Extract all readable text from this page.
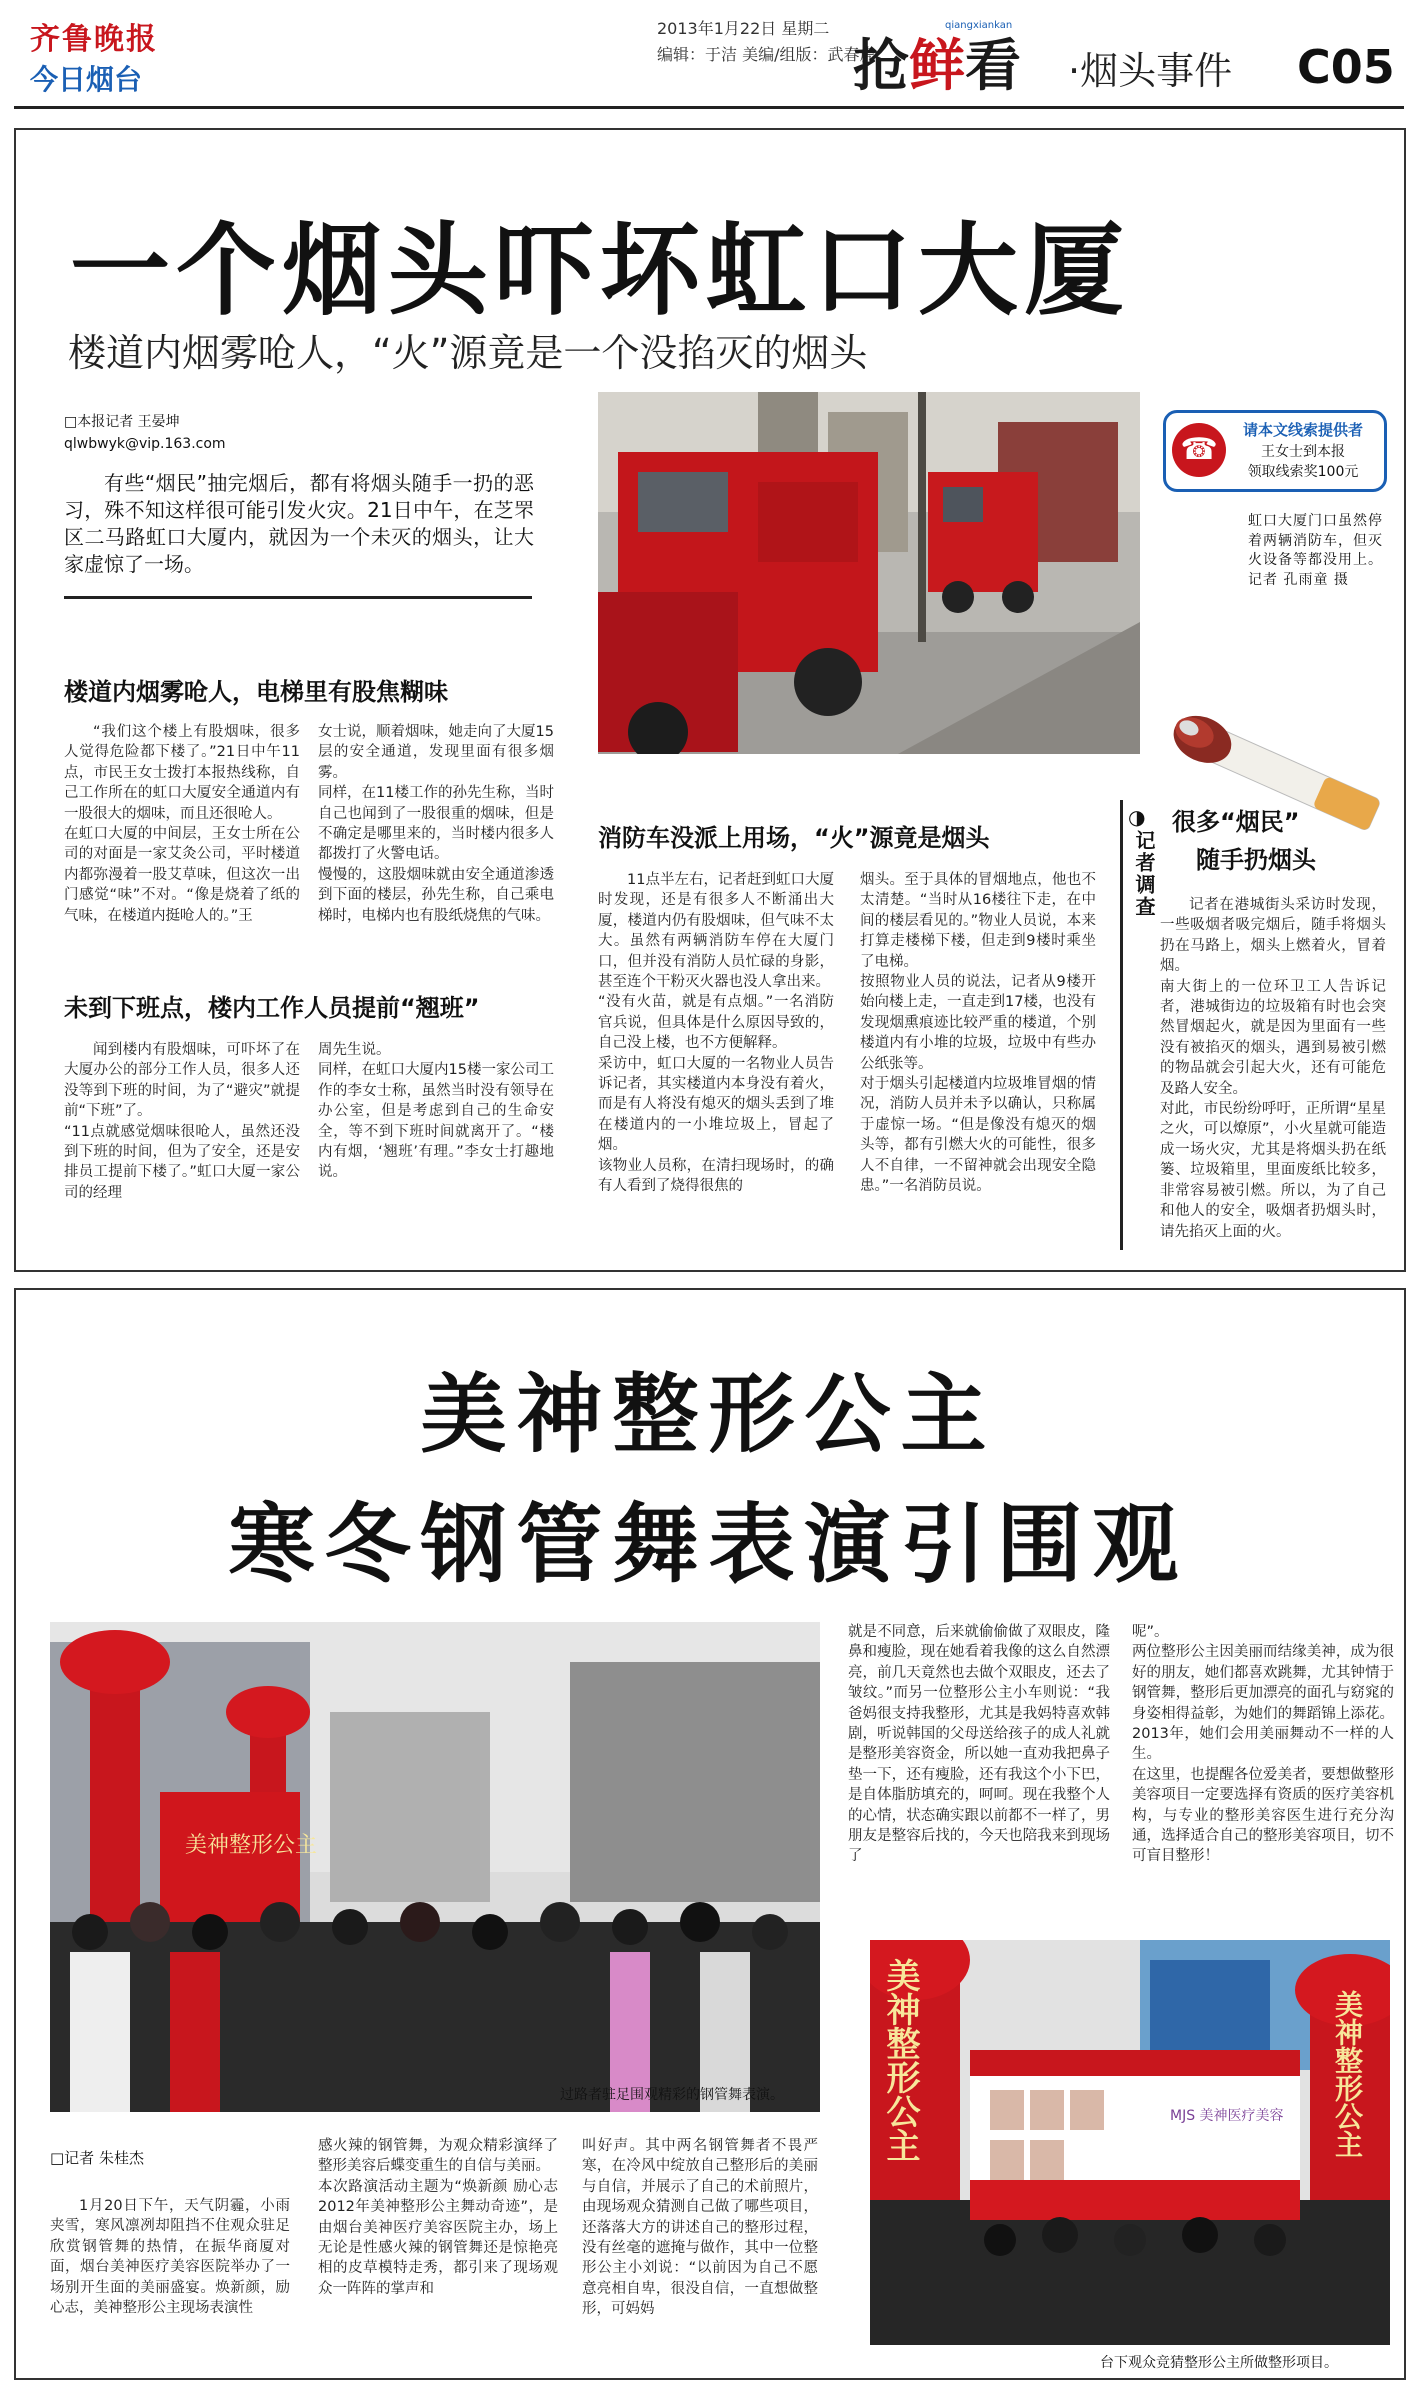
齐鲁晚报
今日烟台
2013年1月22日 星期二
编辑：于洁 美编/组版：武春虎
抢鲜看
qiangxiankan
·烟头事件 C05
一个烟头吓坏虹口大厦
楼道内烟雾呛人，“火”源竟是一个没掐灭的烟头
□本报记者 王晏坤
qlwbwyk@vip.163.com
有些“烟民”抽完烟后，都有将烟头随手一扔的恶习，殊不知这样很可能引发火灾。21日中午，在芝罘区二马路虹口大厦内，就因为一个未灭的烟头，让大家虚惊了一场。
☎
请本文线索提供者
王女士到本报
领取线索奖100元
虹口大厦门口虽然停着两辆消防车，但灭火设备等都没用上。 记者 孔雨童 摄
楼道内烟雾呛人，电梯里有股焦糊味
“我们这个楼上有股烟味，很多人觉得危险都下楼了。”21日中午11点，市民王女士拨打本报热线称，自己工作所在的虹口大厦安全通道内有一股很大的烟味，而且还很呛人。
在虹口大厦的中间层，王女士所在公司的对面是一家艾灸公司，平时楼道内都弥漫着一股艾草味，但这次一出门感觉“味”不对。“像是烧着了纸的气味，在楼道内挺呛人的。”王
女士说，顺着烟味，她走向了大厦15层的安全通道，发现里面有很多烟雾。
同样，在11楼工作的孙先生称，当时自己也闻到了一股很重的烟味，但是不确定是哪里来的，当时楼内很多人都拨打了火警电话。
慢慢的，这股烟味就由安全通道渗透到下面的楼层，孙先生称，自己乘电梯时，电梯内也有股纸烧焦的气味。
未到下班点，楼内工作人员提前“翘班”
闻到楼内有股烟味，可吓坏了在大厦办公的部分工作人员，很多人还没等到下班的时间，为了“避灾”就提前“下班”了。
“11点就感觉烟味很呛人，虽然还没到下班的时间，但为了安全，还是安排员工提前下楼了。”虹口大厦一家公司的经理
周先生说。
同样，在虹口大厦内15楼一家公司工作的李女士称，虽然当时没有领导在办公室，但是考虑到自己的生命安全，等不到下班时间就离开了。“楼内有烟，‘翘班’有理。”李女士打趣地说。
消防车没派上用场，“火”源竟是烟头
11点半左右，记者赶到虹口大厦时发现，还是有很多人不断涌出大厦，楼道内仍有股烟味，但气味不太大。虽然有两辆消防车停在大厦门口，但并没有消防人员忙碌的身影，甚至连个干粉灭火器也没人拿出来。
“没有火苗，就是有点烟。”一名消防官兵说，但具体是什么原因导致的，自己没上楼，也不方便解释。
采访中，虹口大厦的一名物业人员告诉记者，其实楼道内本身没有着火，而是有人将没有熄灭的烟头丢到了堆在楼道内的一小堆垃圾上，冒起了烟。
该物业人员称，在清扫现场时，的确有人看到了烧得很焦的
烟头。至于具体的冒烟地点，他也不太清楚。“当时从16楼往下走，在中间的楼层看见的。”物业人员说，本来打算走楼梯下楼，但走到9楼时乘坐了电梯。
按照物业人员的说法，记者从9楼开始向楼上走，一直走到17楼，也没有发现烟熏痕迹比较严重的楼道，个别楼道内有小堆的垃圾，垃圾中有些办公纸张等。
对于烟头引起楼道内垃圾堆冒烟的情况，消防人员并未予以确认，只称属于虚惊一场。“但是像没有熄灭的烟头等，都有引燃大火的可能性，很多人不自律，一不留神就会出现安全隐患。”一名消防员说。
◑
记者调查
很多“烟民”
随手扔烟头
记者在港城街头采访时发现，一些吸烟者吸完烟后，随手将烟头扔在马路上，烟头上燃着火，冒着烟。
南大街上的一位环卫工人告诉记者，港城街边的垃圾箱有时也会突然冒烟起火，就是因为里面有一些没有被掐灭的烟头，遇到易被引燃的物品就会引起大火，还有可能危及路人安全。
对此，市民纷纷呼吁，正所谓“星星之火，可以燎原”，小火星就可能造成一场火灾，尤其是将烟头扔在纸篓、垃圾箱里，里面废纸比较多，非常容易被引燃。所以，为了自己和他人的安全，吸烟者扔烟头时，请先掐灭上面的火。
美神整形公主
寒冬钢管舞表演引围观
美神整形公主
过路者驻足围观精彩的钢管舞表演。
□记者 朱桂杰
1月20日下午，天气阴霾，小雨夹雪，寒风凛冽却阻挡不住观众驻足欣赏钢管舞的热情，在振华商厦对面，烟台美神医疗美容医院举办了一场别开生面的美丽盛宴。焕新颜，励心志，美神整形公主现场表演性
感火辣的钢管舞，为观众精彩演绎了整形美容后蝶变重生的自信与美丽。
本次路演活动主题为“焕新颜 励心志 2012年美神整形公主舞动奇迹”，是由烟台美神医疗美容医院主办，场上无论是性感火辣的钢管舞还是惊艳亮相的皮草模特走秀，都引来了现场观众一阵阵的掌声和
叫好声。其中两名钢管舞者不畏严寒，在冷风中绽放自己整形后的美丽与自信，并展示了自己的术前照片，由现场观众猜测自己做了哪些项目，还落落大方的讲述自己的整形过程，没有丝毫的遮掩与做作，其中一位整形公主小刘说：“以前因为自己不愿意亮相自卑，很没自信，一直想做整形，可妈妈
就是不同意，后来就偷偷做了双眼皮，隆鼻和瘦脸，现在她看着我像的这么自然漂亮，前几天竟然也去做个双眼皮，还去了皱纹。”而另一位整形公主小车则说：“我爸妈很支持我整形，尤其是我妈特喜欢韩剧，听说韩国的父母送给孩子的成人礼就是整形美容资金，所以她一直劝我把鼻子垫一下，还有瘦脸，还有我这个小下巴，是自体脂肪填充的，呵呵。现在我整个人的心情，状态确实跟以前都不一样了，男朋友是整容后找的，今天也陪我来到现场了
呢”。
两位整形公主因美丽而结缘美神，成为很好的朋友，她们都喜欢跳舞，尤其钟情于钢管舞，整形后更加漂亮的面孔与窈窕的身姿相得益彰，为她们的舞蹈锦上添花。2013年，她们会用美丽舞动不一样的人生。
在这里，也提醒各位爱美者，要想做整形美容项目一定要选择有资质的医疗美容机构，与专业的整形美容医生进行充分沟通，选择适合自己的整形美容项目，切不可盲目整形！
MJS 美神医疗美容
美神整形公主	美神整形公主
台下观众竞猜整形公主所做整形项目。
